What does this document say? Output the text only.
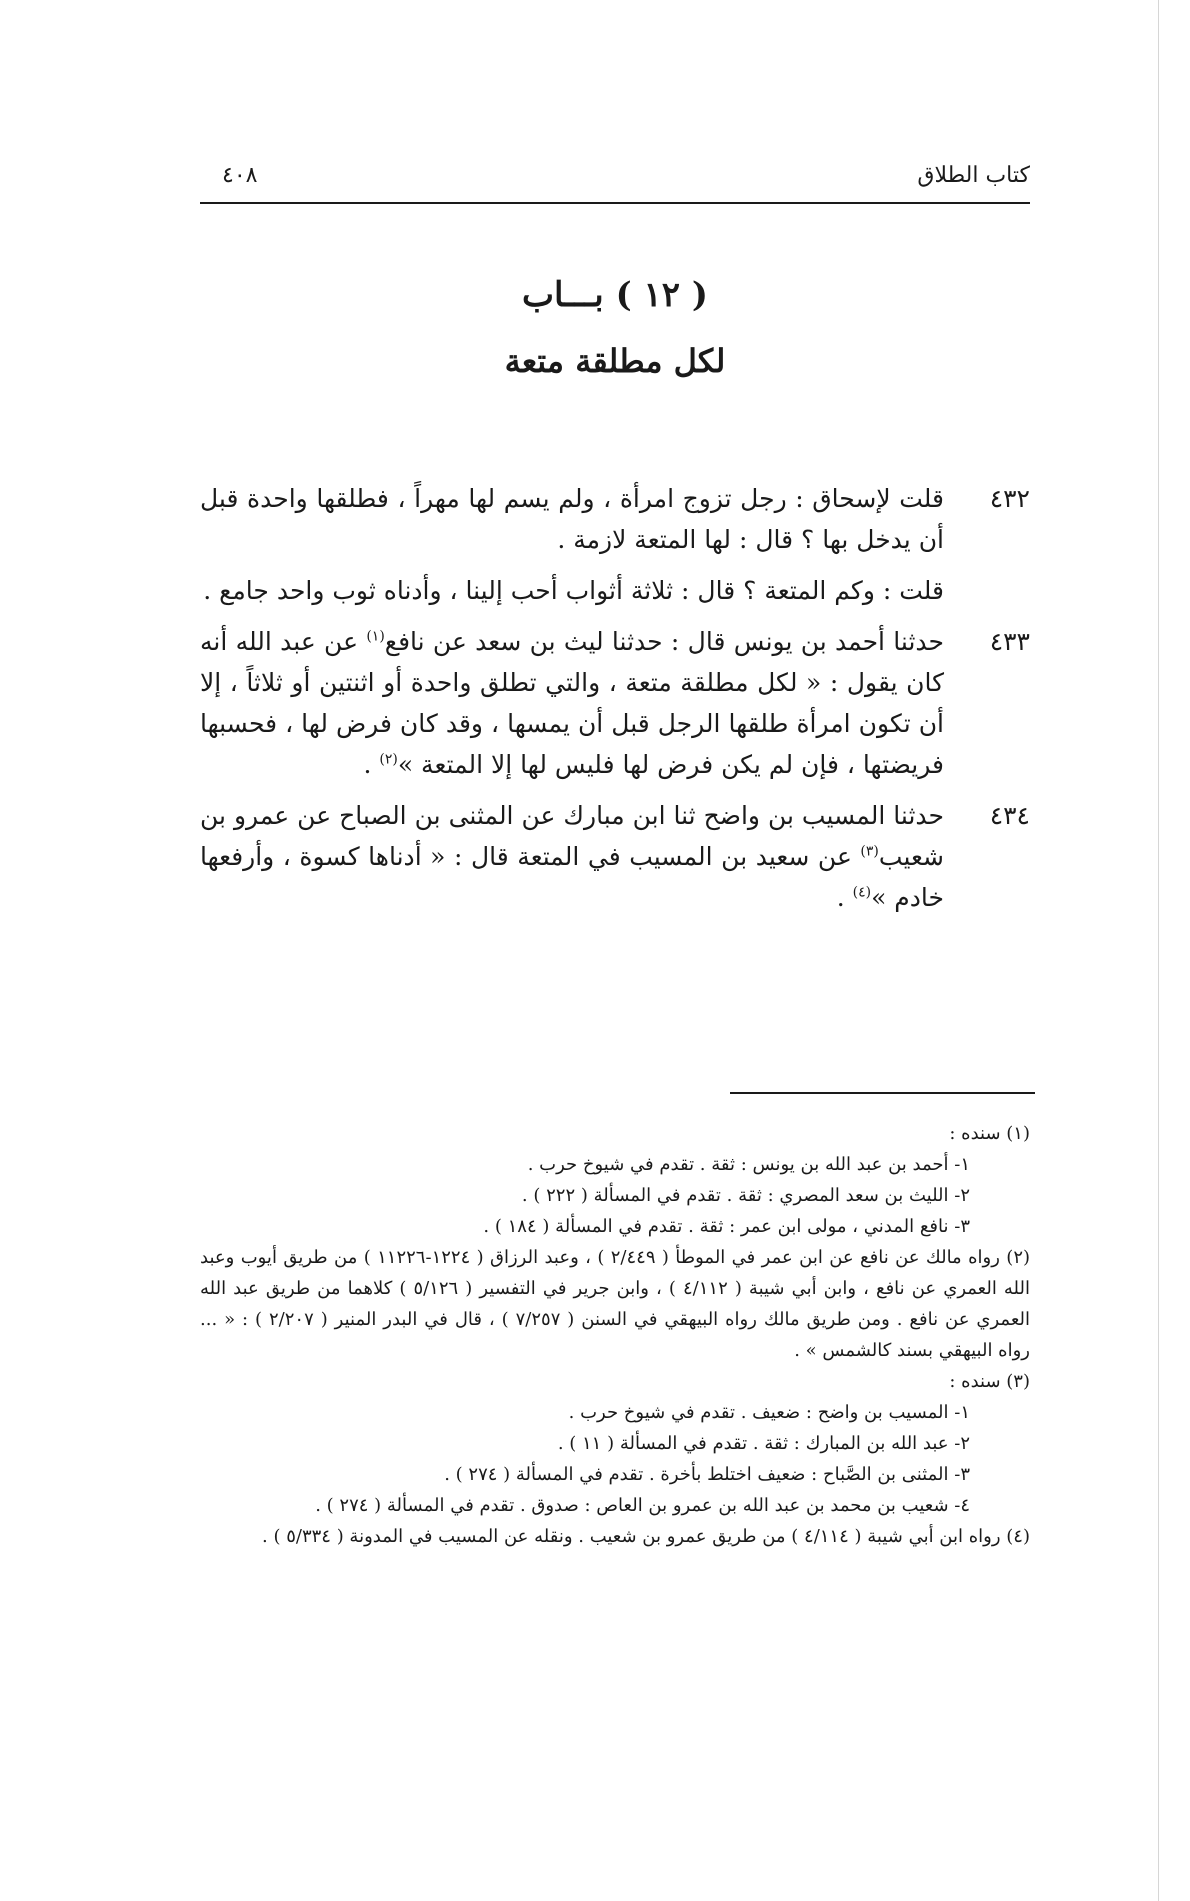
كتاب الطلاق
٤٠٨
( ١٢ ) بـــاب
لكل مطلقة متعة
٤٣٢

قلت لإسحاق : رجل تزوج امرأة ، ولم يسم لها مهراً ، فطلقها واحدة قبل أن يدخل بها ؟ قال : لها المتعة لازمة .

قلت : وكم المتعة ؟ قال : ثلاثة أثواب أحب إلينا ، وأدناه ثوب واحد جامع .

٤٣٣

حدثنا أحمد بن يونس قال : حدثنا ليث بن سعد عن نافع$^{(١)}$ عن عبد الله أنه كان يقول : « لكل مطلقة متعة ، والتي تطلق واحدة أو اثنتين أو ثلاثاً ، إلا أن تكون امرأة طلقها الرجل قبل أن يمسها ، وقد كان فرض لها ، فحسبها فريضتها ، فإن لم يكن فرض لها فليس لها إلا المتعة »$^{(٢)}$ .

٤٣٤

حدثنا المسيب بن واضح ثنا ابن مبارك عن المثنى بن الصباح عن عمرو بن شعيب$^{(٣)}$ عن سعيد بن المسيب في المتعة قال : « أدناها كسوة ، وأرفعها خادم »$^{(٤)}$ .

(١) سنده :

١- أحمد بن عبد الله بن يونس : ثقة . تقدم في شيوخ حرب .

٢- الليث بن سعد المصري : ثقة . تقدم في المسألة ( ٢٢٢ ) .

٣- نافع المدني ، مولى ابن عمر : ثقة . تقدم في المسألة ( ١٨٤ ) .

(٢) رواه مالك عن نافع عن ابن عمر في الموطأ ( ٢/٤٤٩ ) ، وعبد الرزاق ( ١٢٢٤-١١٢٢٦ ) من طريق أيوب وعبد الله العمري عن نافع ، وابن أبي شيبة ( ٤/١١٢ ) ، وابن جرير في التفسير ( ٥/١٢٦ ) كلاهما من طريق عبد الله العمري عن نافع . ومن طريق مالك رواه البيهقي في السنن ( ٧/٢٥٧ ) ، قال في البدر المنير ( ٢/٢٠٧ ) : « ... رواه البيهقي بسند كالشمس » .

(٣) سنده :

١- المسيب بن واضح : ضعيف . تقدم في شيوخ حرب .

٢- عبد الله بن المبارك : ثقة . تقدم في المسألة ( ١١ ) .

٣- المثنى بن الصَّباح : ضعيف اختلط بأخرة . تقدم في المسألة ( ٢٧٤ ) .

٤- شعيب بن محمد بن عبد الله بن عمرو بن العاص : صدوق . تقدم في المسألة ( ٢٧٤ ) .

(٤) رواه ابن أبي شيبة ( ٤/١١٤ ) من طريق عمرو بن شعيب . ونقله عن المسيب في المدونة ( ٥/٣٣٤ ) .
